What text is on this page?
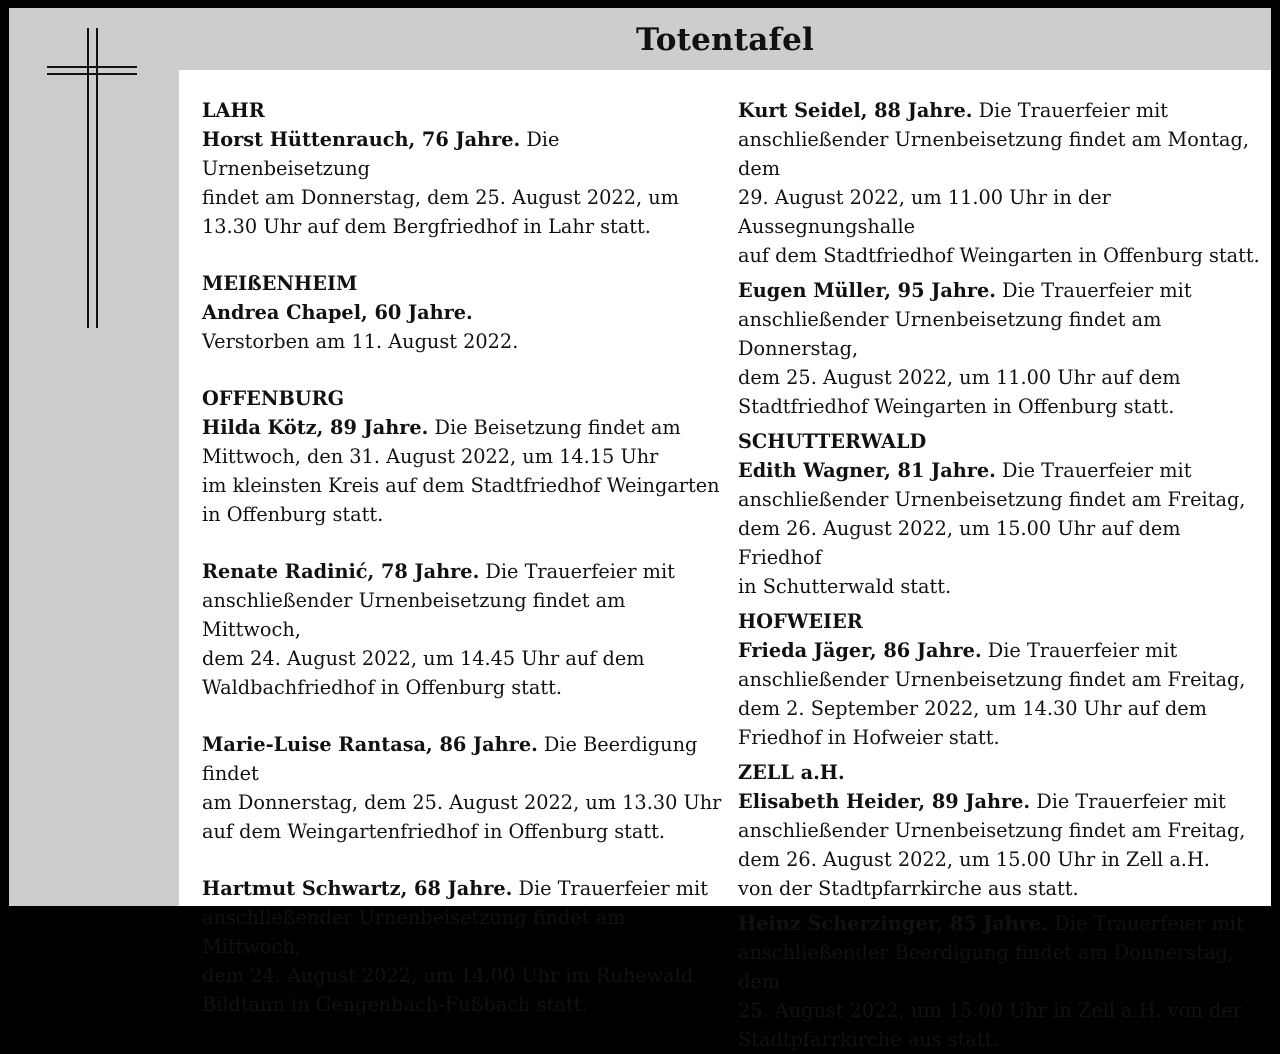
Totentafel
LAHR

Horst Hüttenrauch, 76 Jahre. Die Urnenbeisetzung
findet am Donnerstag, dem 25. August 2022, um
13.30 Uhr auf dem Bergfriedhof in Lahr statt.

MEIßENHEIM

Andrea Chapel, 60 Jahre.
Verstorben am 11. August 2022.

OFFENBURG

Hilda Kötz, 89 Jahre. Die Beisetzung findet am
Mittwoch, den 31. August 2022, um 14.15 Uhr
im kleinsten Kreis auf dem Stadtfriedhof Weingarten
in Offenburg statt.

Renate Radinić, 78 Jahre. Die Trauerfeier mit
anschließender Urnenbeisetzung findet am Mittwoch,
dem 24. August 2022, um 14.45 Uhr auf dem
Waldbachfriedhof in Offenburg statt.

Marie-Luise Rantasa, 86 Jahre. Die Beerdigung findet
am Donnerstag, dem 25. August 2022, um 13.30 Uhr
auf dem Weingartenfriedhof in Offenburg statt.

Hartmut Schwartz, 68 Jahre. Die Trauerfeier mit
anschließender Urnenbeisetzung findet am Mittwoch,
dem 24. August 2022, um 14.00 Uhr im Ruhewald
Bildtann in Gengenbach-Fußbach statt.

Kurt Seidel, 88 Jahre. Die Trauerfeier mit
anschließender Urnenbeisetzung findet am Montag, dem
29. August 2022, um 11.00 Uhr in der Aussegnungshalle
auf dem Stadtfriedhof Weingarten in Offenburg statt.

Eugen Müller, 95 Jahre. Die Trauerfeier mit
anschließender Urnenbeisetzung findet am Donnerstag,
dem 25. August 2022, um 11.00 Uhr auf dem
Stadtfriedhof Weingarten in Offenburg statt.

SCHUTTERWALD

Edith Wagner, 81 Jahre. Die Trauerfeier mit
anschließender Urnenbeisetzung findet am Freitag,
dem 26. August 2022, um 15.00 Uhr auf dem Friedhof
in Schutterwald statt.

HOFWEIER

Frieda Jäger, 86 Jahre. Die Trauerfeier mit
anschließender Urnenbeisetzung findet am Freitag,
dem 2. September 2022, um 14.30 Uhr auf dem
Friedhof in Hofweier statt.

ZELL a.H.

Elisabeth Heider, 89 Jahre. Die Trauerfeier mit
anschließender Urnenbeisetzung findet am Freitag,
dem 26. August 2022, um 15.00 Uhr in Zell a.H.
von der Stadtpfarrkirche aus statt.

Heinz Scherzinger, 85 Jahre. Die Trauerfeier mit
anschließender Beerdigung findet am Donnerstag, dem
25. August 2022, um 15.00 Uhr in Zell a.H. von der
Stadtpfarrkirche aus statt.
